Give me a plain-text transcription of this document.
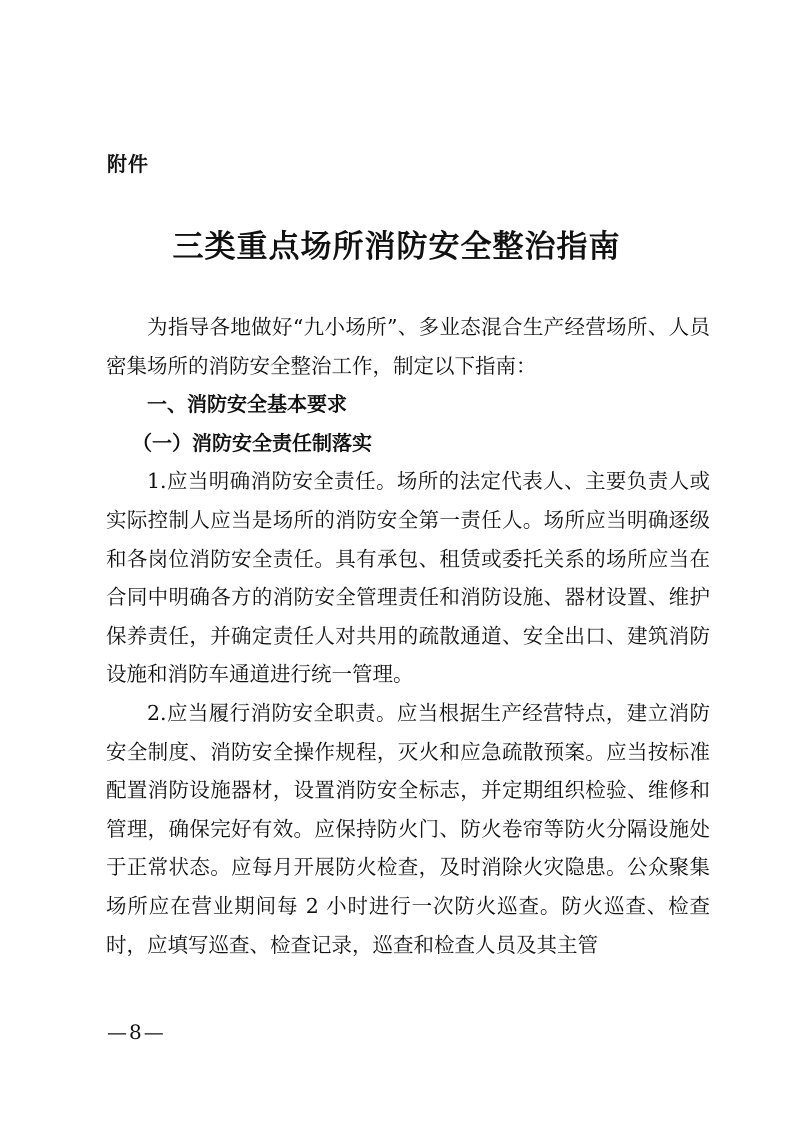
附件
三类重点场所消防安全整治指南

为指导各地做好“九小场所”、多业态混合生产经营场所、人员密集场所的消防安全整治工作，制定以下指南：

一、消防安全基本要求

（一）消防安全责任制落实

1.应当明确消防安全责任。场所的法定代表人、主要负责人或实际控制人应当是场所的消防安全第一责任人。场所应当明确逐级和各岗位消防安全责任。具有承包、租赁或委托关系的场所应当在合同中明确各方的消防安全管理责任和消防设施、器材设置、维护保养责任，并确定责任人对共用的疏散通道、安全出口、建筑消防设施和消防车通道进行统一管理。

2.应当履行消防安全职责。应当根据生产经营特点，建立消防安全制度、消防安全操作规程，灭火和应急疏散预案。应当按标准配置消防设施器材，设置消防安全标志，并定期组织检验、维修和管理，确保完好有效。应保持防火门、防火卷帘等防火分隔设施处于正常状态。应每月开展防火检查，及时消除火灾隐患。公众聚集场所应在营业期间每 2 小时进行一次防火巡查。防火巡查、检查时，应填写巡查、检查记录，巡查和检查人员及其主管

—8—
